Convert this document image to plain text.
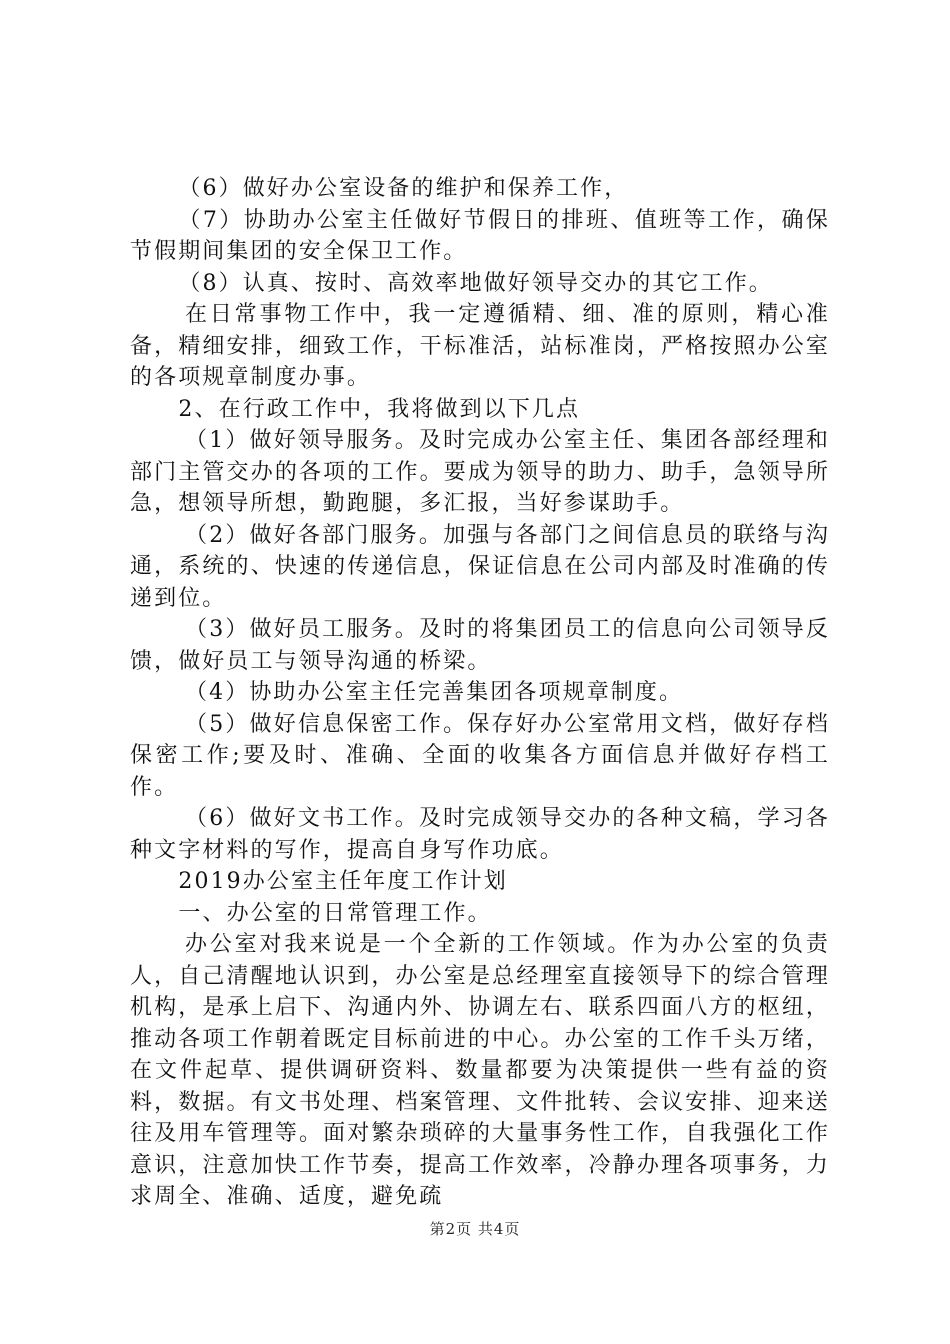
（6）做好办公室设备的维护和保养工作，

（7）协助办公室主任做好节假日的排班、值班等工作，确保节假期间集团的安全保卫工作。

（8）认真、按时、高效率地做好领导交办的其它工作。

在日常事物工作中，我一定遵循精、细、准的原则，精心准备，精细安排，细致工作，干标准活，站标准岗，严格按照办公室的各项规章制度办事。

2、在行政工作中，我将做到以下几点

（1）做好领导服务。及时完成办公室主任、集团各部经理和部门主管交办的各项的工作。要成为领导的助力、助手，急领导所急，想领导所想，勤跑腿，多汇报，当好参谋助手。

（2）做好各部门服务。加强与各部门之间信息员的联络与沟通，系统的、快速的传递信息，保证信息在公司内部及时准确的传递到位。

（3）做好员工服务。及时的将集团员工的信息向公司领导反馈，做好员工与领导沟通的桥梁。

（4）协助办公室主任完善集团各项规章制度。

（5）做好信息保密工作。保存好办公室常用文档，做好存档保密工作;要及时、准确、全面的收集各方面信息并做好存档工作。

（6）做好文书工作。及时完成领导交办的各种文稿，学习各种文字材料的写作，提高自身写作功底。

2019办公室主任年度工作计划

一、办公室的日常管理工作。

办公室对我来说是一个全新的工作领域。作为办公室的负责人，自己清醒地认识到，办公室是总经理室直接领导下的综合管理机构，是承上启下、沟通内外、协调左右、联系四面八方的枢纽，推动各项工作朝着既定目标前进的中心。办公室的工作千头万绪，在文件起草、提供调研资料、数量都要为决策提供一些有益的资料，数据。有文书处理、档案管理、文件批转、会议安排、迎来送往及用车管理等。面对繁杂琐碎的大量事务性工作，自我强化工作意识，注意加快工作节奏，提高工作效率，冷静办理各项事务，力求周全、准确、适度，避免疏

第2页 共4页
